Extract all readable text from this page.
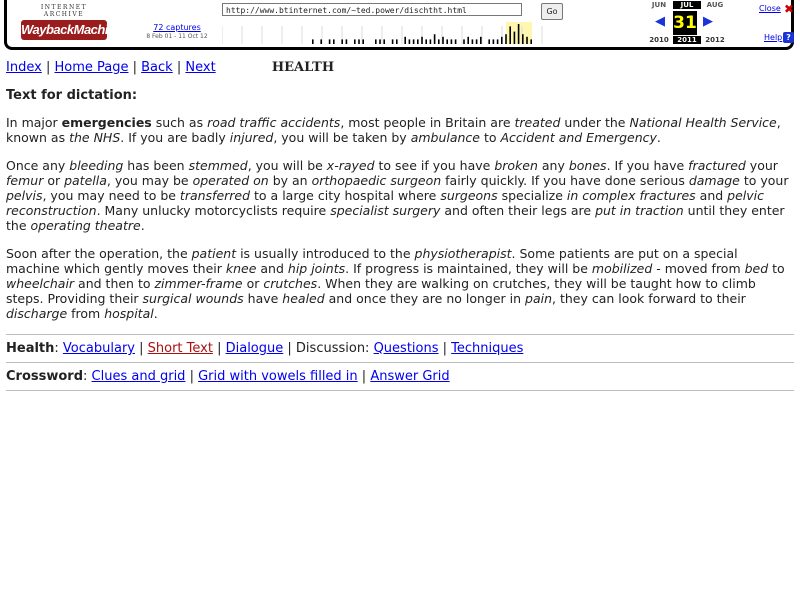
INTERNET ARCHIVE
WaybackMachine	72 captures
8 Feb 01 - 11 Oct 12
http://www.btinternet.com/~ted.power/dischtht.html	Go
JUN	JUL	AUG
◀ 31 ▶
2010	2011	2012
Close ✖
Help ?
Index | Home Page | Back | Next	HEALTH
Text for dictation:

In major emergencies such as road traffic accidents, most people in Britain are treated under the National Health Service, known as the NHS. If you are badly injured, you will be taken by ambulance to Accident and Emergency.

Once any bleeding has been stemmed, you will be x-rayed to see if you have broken any bones. If you have fractured your femur or patella, you may be operated on by an orthopaedic surgeon fairly quickly. If you have done serious damage to your pelvis, you may need to be transferred to a large city hospital where surgeons specialize in complex fractures and pelvic reconstruction. Many unlucky motorcyclists require specialist surgery and often their legs are put in traction until they enter the operating theatre.

Soon after the operation, the patient is usually introduced to the physiotherapist. Some patients are put on a special machine which gently moves their knee and hip joints. If progress is maintained, they will be mobilized - moved from bed to wheelchair and then to zimmer-frame or crutches. When they are walking on crutches, they will be taught how to climb steps. Providing their surgical wounds have healed and once they are no longer in pain, they can look forward to their discharge from hospital.

Health: Vocabulary | Short Text | Dialogue | Discussion: Questions | Techniques
Crossword: Clues and grid | Grid with vowels filled in | Answer Grid
